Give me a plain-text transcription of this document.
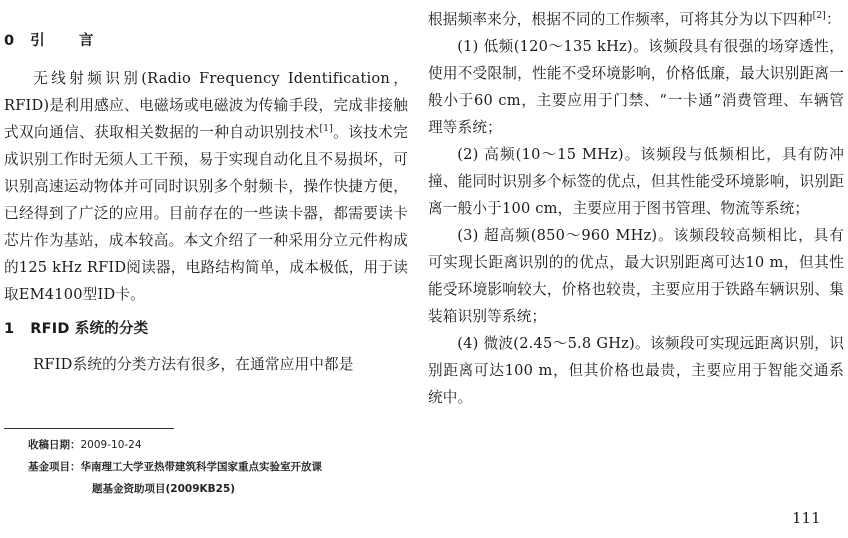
0 引  言

无线射频识别(Radio Frequency Identification，RFID)是利用感应、电磁场或电磁波为传输手段，完成非接触式双向通信、获取相关数据的一种自动识别技术[1]。该技术完成识别工作时无须人工干预，易于实现自动化且不易损坏，可识别高速运动物体并可同时识别多个射频卡，操作快捷方便，已经得到了广泛的应用。目前存在的一些读卡器，都需要读卡芯片作为基站，成本较高。本文介绍了一种采用分立元件构成的125 kHz RFID阅读器，电路结构简单，成本极低，用于读取EM4100型ID卡。

1 RFID 系统的分类

RFID系统的分类方法有很多，在通常应用中都是

根据频率来分，根据不同的工作频率，可将其分为以下四种[2]：

(1) 低频(120～135 kHz)。该频段具有很强的场穿透性，使用不受限制，性能不受环境影响，价格低廉，最大识别距离一般小于60 cm，主要应用于门禁、“一卡通”消费管理、车辆管理等系统；

(2) 高频(10～15 MHz)。该频段与低频相比，具有防冲撞、能同时识别多个标签的优点，但其性能受环境影响，识别距离一般小于100 cm，主要应用于图书管理、物流等系统；

(3) 超高频(850～960 MHz)。该频段较高频相比，具有可实现长距离识别的的优点，最大识别距离可达10 m，但其性能受环境影响较大，价格也较贵，主要应用于铁路车辆识别、集装箱识别等系统；

(4) 微波(2.45～5.8 GHz)。该频段可实现远距离识别，识别距离可达100 m，但其价格也最贵，主要应用于智能交通系统中。

收稿日期：2009-10-24
基金项目：华南理工大学亚热带建筑科学国家重点实验室开放课
题基金资助项目(2009KB25)
111
